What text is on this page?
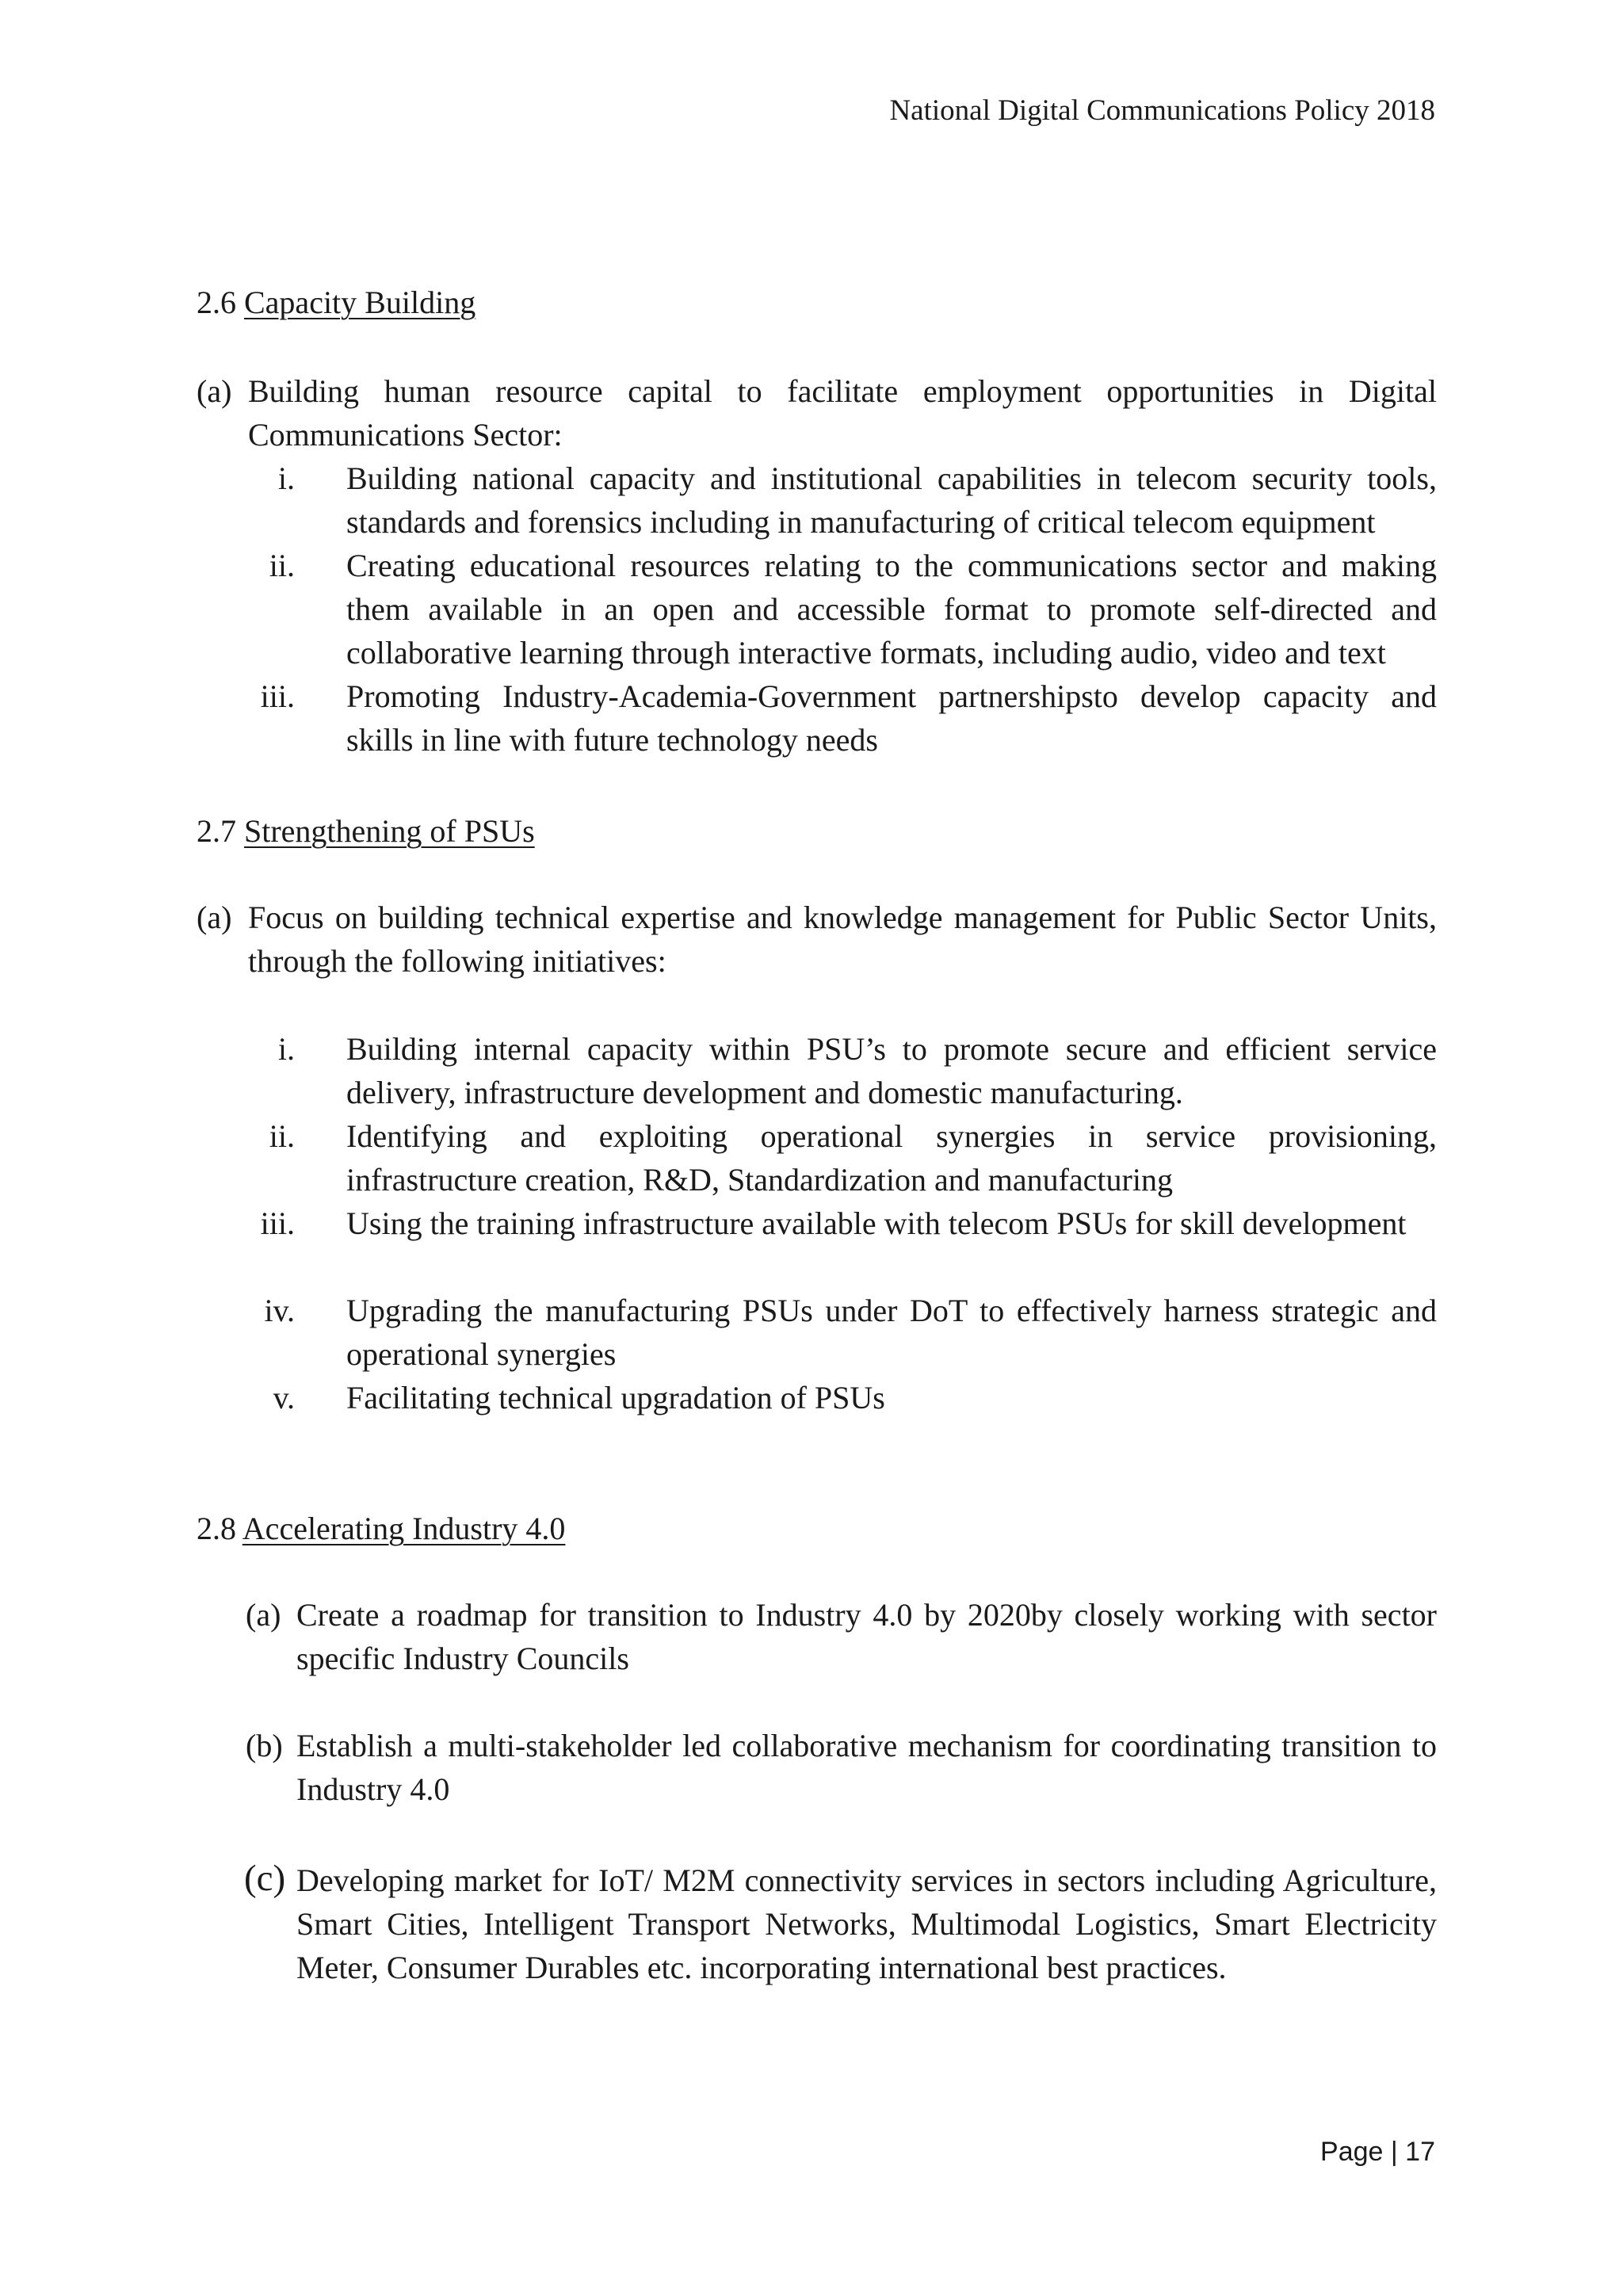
National Digital Communications Policy 2018
2.6 Capacity Building
(a) Building human resource capital to facilitate employment opportunities in Digital Communications Sector:
i. Building national capacity and institutional capabilities in telecom security tools, standards and forensics including in manufacturing of critical telecom equipment
ii. Creating educational resources relating to the communications sector and making them available in an open and accessible format to promote self-directed and collaborative learning through interactive formats, including audio, video and text
iii. Promoting Industry-Academia-Government partnershipsto develop capacity and skills in line with future technology needs
2.7 Strengthening of PSUs
(a) Focus on building technical expertise and knowledge management for Public Sector Units, through the following initiatives:
i. Building internal capacity within PSU’s to promote secure and efficient service delivery, infrastructure development and domestic manufacturing.
ii. Identifying and exploiting operational synergies in service provisioning, infrastructure creation, R&D, Standardization and manufacturing
iii. Using the training infrastructure available with telecom PSUs for skill development
iv. Upgrading the manufacturing PSUs under DoT to effectively harness strategic and operational synergies
v. Facilitating technical upgradation of PSUs
2.8 Accelerating Industry 4.0
(a) Create a roadmap for transition to Industry 4.0 by 2020by closely working with sector specific Industry Councils
(b) Establish a multi-stakeholder led collaborative mechanism for coordinating transition to Industry 4.0
(c) Developing market for IoT/ M2M connectivity services in sectors including Agriculture, Smart Cities, Intelligent Transport Networks, Multimodal Logistics, Smart Electricity Meter, Consumer Durables etc. incorporating international best practices.
Page | 17
